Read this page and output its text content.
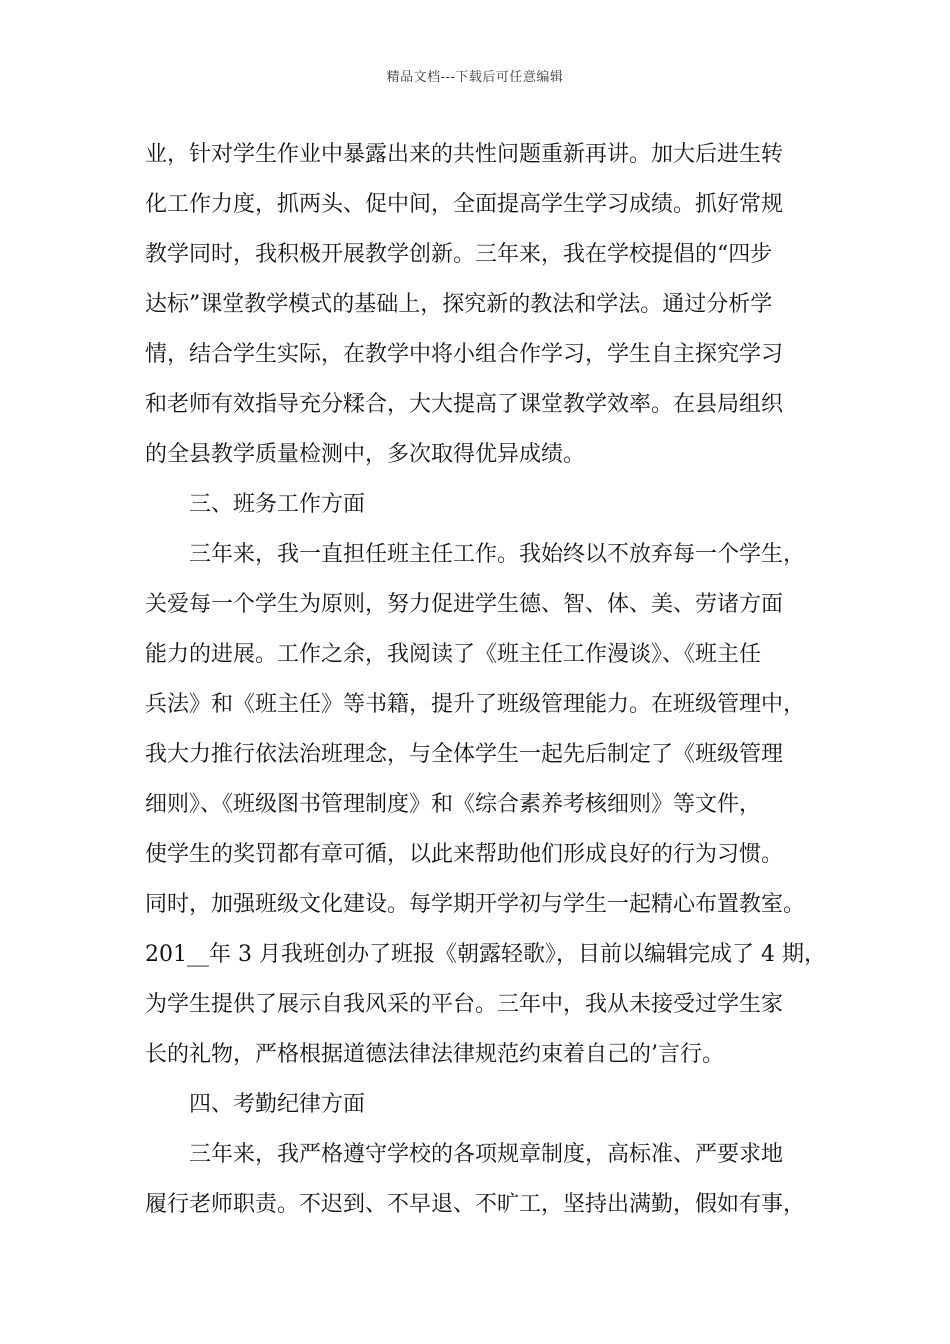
精品文档---下载后可任意编辑
业，针对学生作业中暴露出来的共性问题重新再讲。加大后进生转
化工作力度，抓两头、促中间，全面提高学生学习成绩。抓好常规
教学同时，我积极开展教学创新。三年来，我在学校提倡的“四步
达标”课堂教学模式的基础上，探究新的教法和学法。通过分析学
情，结合学生实际，在教学中将小组合作学习，学生自主探究学习
和老师有效指导充分糅合，大大提高了课堂教学效率。在县局组织
的全县教学质量检测中，多次取得优异成绩。
三、班务工作方面
三年来，我一直担任班主任工作。我始终以不放弃每一个学生，
关爱每一个学生为原则，努力促进学生德、智、体、美、劳诸方面
能力的进展。工作之余，我阅读了《班主任工作漫谈》、《班主任
兵法》和《班主任》等书籍，提升了班级管理能力。在班级管理中，
我大力推行依法治班理念，与全体学生一起先后制定了《班级管理
细则》、《班级图书管理制度》和《综合素养考核细则》等文件，
使学生的奖罚都有章可循，以此来帮助他们形成良好的行为习惯。
同时，加强班级文化建设。每学期开学初与学生一起精心布置教室。
201__年 3 月我班创办了班报《朝露轻歌》，目前以编辑完成了 4 期，
为学生提供了展示自我风采的平台。三年中，我从未接受过学生家
长的礼物，严格根据道德法律法律规范约束着自己的’言行。
四、考勤纪律方面
三年来，我严格遵守学校的各项规章制度，高标准、严要求地
履行老师职责。不迟到、不早退、不旷工，坚持出满勤，假如有事，
